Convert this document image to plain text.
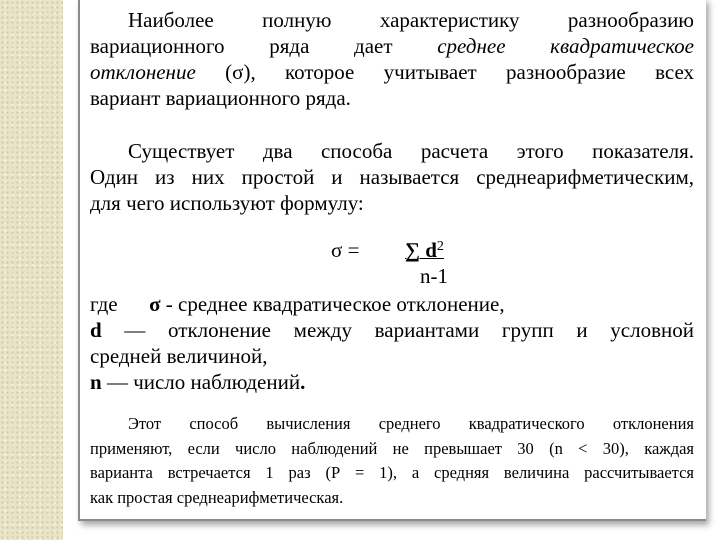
Наиболее полную характеристику разнообразию

вариационного ряда дает среднее квадратическое

отклонение (σ), которое учитывает разнообразие всех

вариант вариационного ряда.

Существует два способа расчета этого показателя.

Один из них простой и называется среднеарифметическим,

для чего используют формулу:

σ = ∑ $d^2$
n-1

где σ - среднее квадратическое отклонение,

d — отклонение между вариантами групп и условной

средней величиной,

n — число наблюдений.

Этот способ вычисления среднего квадратического отклонения

применяют, если число наблюдений не превышает 30 (n < 30), каждая

варианта встречается 1 раз (Р = 1), а средняя величина рассчитывается

как простая среднеарифметическая.
